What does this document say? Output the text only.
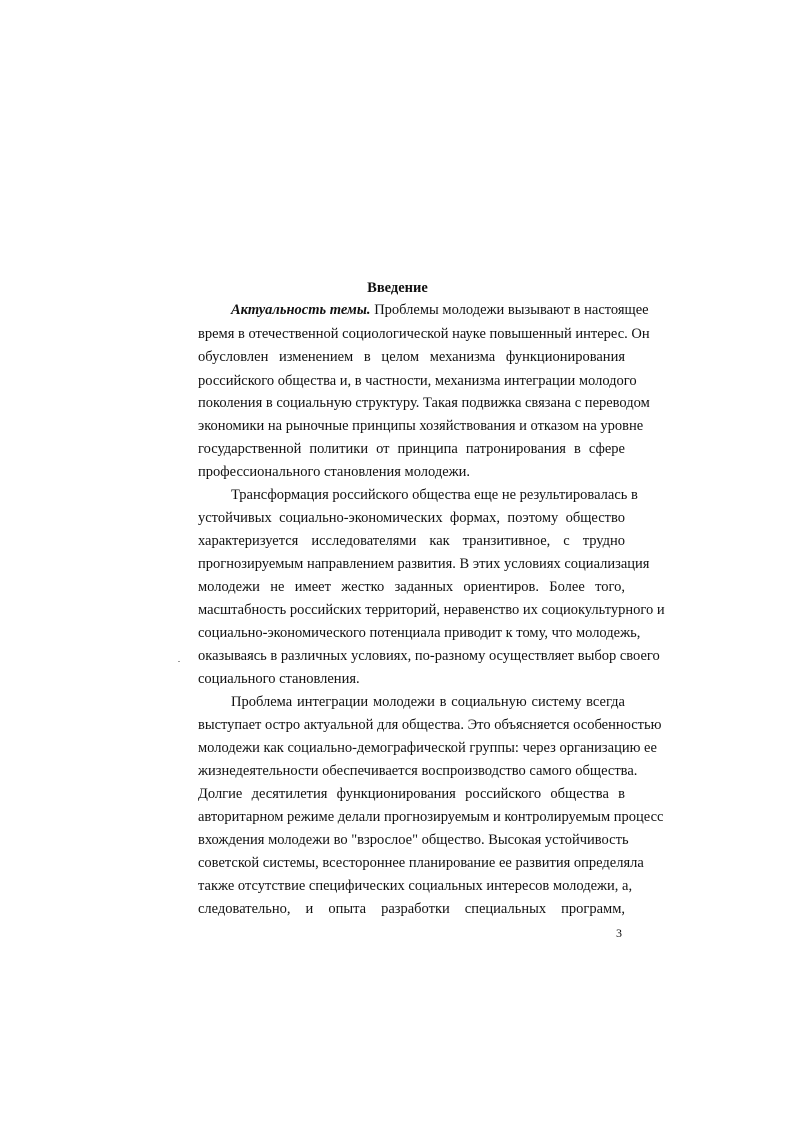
Введение
Актуальность темы. Проблемы молодежи вызывают в настоящее
время в отечественной социологической науке повышенный интерес. Он
обусловлен изменением в целом механизма функционирования
российского общества и, в частности, механизма интеграции молодого
поколения в социальную структуру. Такая подвижка связана с переводом
экономики на рыночные принципы хозяйствования и отказом на уровне
государственной политики от принципа патронирования в сфере
профессионального становления молодежи.
Трансформация российского общества еще не результировалась в
устойчивых социально-экономических формах, поэтому общество
характеризуется исследователями как транзитивное, с трудно
прогнозируемым направлением развития. В этих условиях социализация
молодежи не имеет жестко заданных ориентиров. Более того,
масштабность российских территорий, неравенство их социокультурного и
социально-экономического потенциала приводит к тому, что молодежь,
оказываясь в различных условиях, по-разному осуществляет выбор своего
социального становления.
Проблема интеграции молодежи в социальную систему всегда
выступает остро актуальной для общества. Это объясняется особенностью
молодежи как социально-демографической группы: через организацию ее
жизнедеятельности обеспечивается воспроизводство самого общества.
Долгие десятилетия функционирования российского общества в
авторитарном режиме делали прогнозируемым и контролируемым процесс
вхождения молодежи во "взрослое" общество. Высокая устойчивость
советской системы, всестороннее планирование ее развития определяла
также отсутствие специфических социальных интересов молодежи, а,
следовательно, и опыта разработки специальных программ,
3
